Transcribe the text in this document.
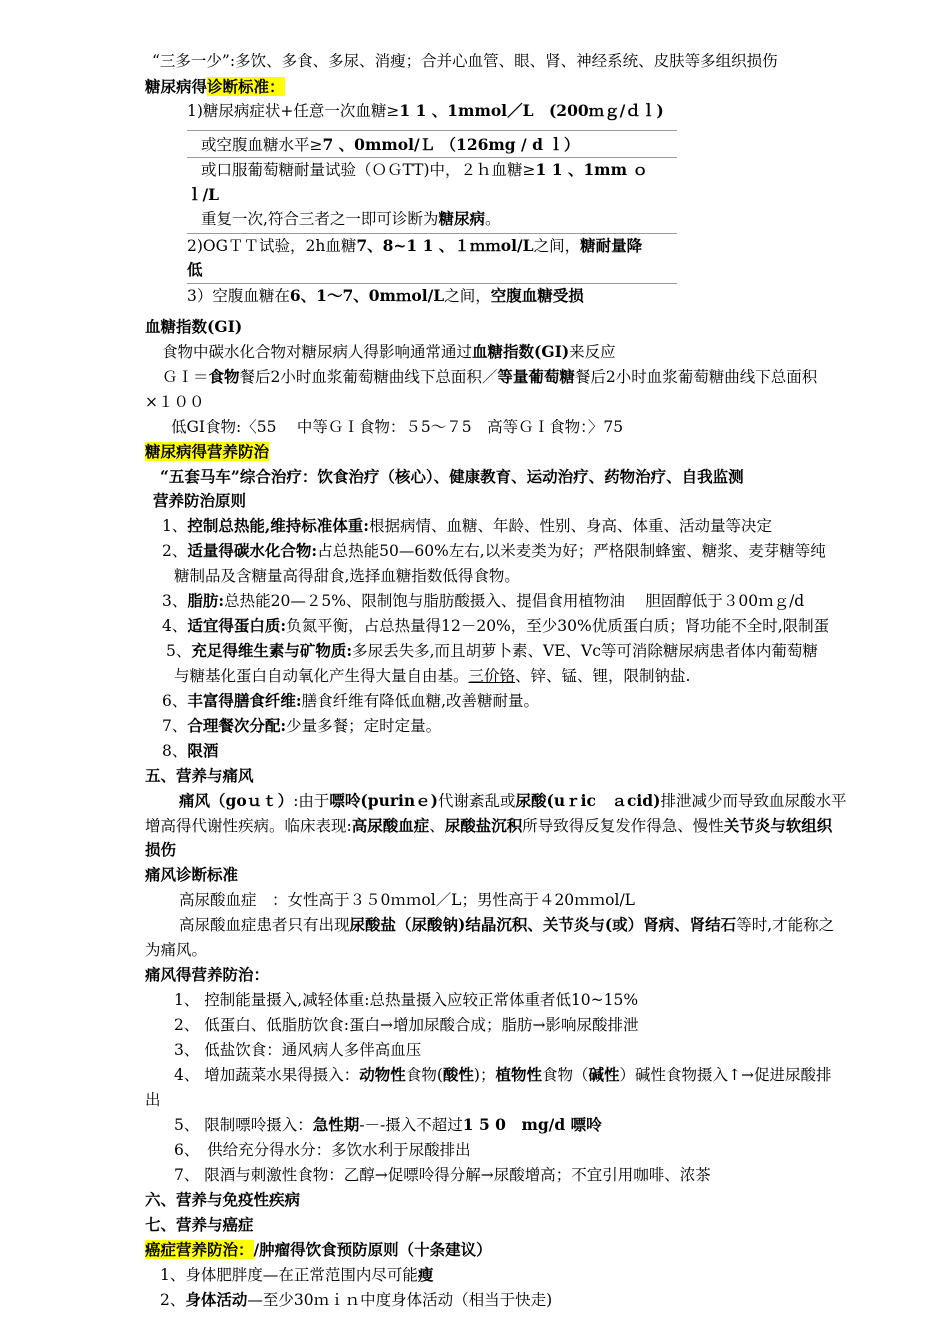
“三多一少”:多饮、多食、多尿、消瘦；合并心血管、眼、肾、神经系统、皮肤等多组织损伤
糖尿病得诊断标准：
1)糖尿病症状+任意一次血糖≥1 1 、1mmol／L　(200ｍｇ/ｄｌ)
或空腹血糖水平≥7 、0mmol/Ｌ （126mg / d ｌ）
或口服葡萄糖耐量试验（ＯＧTT)中，２ｈ血糖≥1 1 、1mm ｏ
ｌ/L
重复一次,符合三者之一即可诊断为糖尿病。
2)OGＴＴ试验，2h血糖7、8~1 1 、１ｍｍol/L之间，糖耐量降
低
3）空腹血糖在6、1～7、0mｍol/L之间，空腹血糖受损
血糖指数(GI)
食物中碳水化合物对糖尿病人得影响通常通过血糖指数(GI)来反应
ＧＩ＝食物餐后2小时血浆葡萄糖曲线下总面积／等量葡萄糖餐后2小时血浆葡萄糖曲线下总面积
×１００
低GI食物:〈55　 中等ＧＩ食物：５5～７5　高等ＧＩ食物：〉75
糖尿病得营养防治
“五套马车”综合治疗：饮食治疗（核心）、健康教育、运动治疗、药物治疗、自我监测
营养防治原则
1、控制总热能,维持标准体重:根据病情、血糖、年龄、性别、身高、体重、活动量等决定
2、适量得碳水化合物:占总热能50—60%左右,以米麦类为好；严格限制蜂蜜、糖浆、麦芽糖等纯
糖制品及含糖量高得甜食,选择血糖指数低得食物。
3、脂肪:总热能20—２5%、限制饱与脂肪酸摄入、提倡食用植物油　 胆固醇低于３00ｍｇ/d
4、适宜得蛋白质:负氮平衡，占总热量得12－20%，至少30%优质蛋白质；肾功能不全时,限制蛋
5、充足得维生素与矿物质:多尿丢失多,而且胡萝卜素、VE、Vc等可消除糖尿病患者体内葡萄糖
与糖基化蛋白自动氧化产生得大量自由基。三价铬、锌、锰、锂，限制钠盐.
6、丰富得膳食纤维:膳食纤维有降低血糖,改善糖耐量。
7、合理餐次分配:少量多餐；定时定量。
8、限酒
五、营养与痛风
痛风（goｕｔ）:由于嘌呤(purinｅ)代谢紊乱或尿酸(uｒic　ａcid)排泄减少而导致血尿酸水平
增高得代谢性疾病。临床表现:高尿酸血症、尿酸盐沉积所导致得反复发作得急、慢性关节炎与软组织
损伤
痛风诊断标准
高尿酸血症　：女性高于３５0ｍｍol／L；男性高于４20ｍｍol/L
高尿酸血症患者只有出现尿酸盐（尿酸钠)结晶沉积、关节炎与(或）肾病、肾结石等时,才能称之
为痛风。
痛风得营养防治：
1、 控制能量摄入,减轻体重:总热量摄入应较正常体重者低10~15%
2、 低蛋白、低脂肪饮食:蛋白→增加尿酸合成；脂肪→影响尿酸排泄
3、 低盐饮食：通风病人多伴高血压
4、 增加蔬菜水果得摄入：动物性食物(酸性)；植物性食物（碱性）碱性食物摄入↑→促进尿酸排
出
5、 限制嘌呤摄入：急性期-－-摄入不超过1 5 0　mg/d 嘌呤
6、　供给充分得水分：多饮水利于尿酸排出
7、 限酒与刺激性食物：乙醇→促嘌呤得分解→尿酸增高；不宜引用咖啡、浓茶
六、营养与免疫性疾病
七、营养与癌症
癌症营养防治：/肿瘤得饮食预防原则（十条建议）
1、身体肥胖度—在正常范围内尽可能瘦
2、身体活动—至少30ｍｉｎ中度身体活动（相当于快走)
